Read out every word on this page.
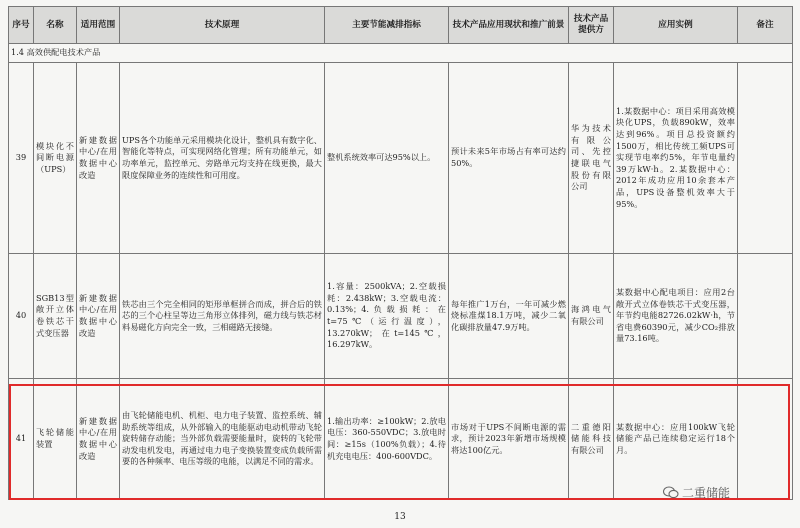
序号	名称	适用范围	技术原理	主要节能减排指标	技术产品应用现状和推广前景	技术产品提供方	应用实例	备注
1.4 高效供配电技术产品								
39	模块化不间断电源（UPS）	新建数据中心/在用数据中心改造	UPS各个功能单元采用模块化设计，整机具有数字化、智能化等特点，可实现网络化管理；所有功能单元，如功率单元，监控单元、旁路单元均支持在线更换，最大限度保障业务的连续性和可用度。	整机系统效率可达95%以上。	预计未来5年市场占有率可达约50%。	华为技术有限公司、先控捷联电气股份有限公司	1.某数据中心：项目采用高效模块化UPS，负载890kW，效率达到96%。项目总投资额约1500万，相比传统工频UPS可实现节电率约5%，年节电量约39万kW·h。2.某数据中心：2012年成功应用10余套本产品，UPS设备整机效率大于95%。	
40	SGB13型敞开立体卷铁芯干式变压器	新建数据中心/在用数据中心改造	铁芯由三个完全相同的矩形单框拼合而成，拼合后的铁芯的三个心柱呈等边三角形立体排列，磁力线与铁芯材料易磁化方向完全一致，三相磁路无接缝。	1.容量：2500kVA；2.空载损耗：2.438kW；3.空载电流：0.13%；4.负载损耗：在t=75℃（运行温度），13.270kW；在t=145℃，16.297kW。	每年推广1万台，一年可减少燃烧标准煤18.1万吨，减少二氧化碳排放量47.9万吨。	海鸿电气有限公司	某数据中心配电项目：应用2台敞开式立体卷铁芯干式变压器，年节约电能82726.02kW·h，节省电费60390元，减少CO₂排放量73.16吨。	
41	飞轮储能装置	新建数据中心/在用数据中心改造	由飞轮储能电机、机柜、电力电子装置、监控系统、辅助系统等组成，从外部输入的电能驱动电动机带动飞轮旋转储存动能；当外部负载需要能量时，旋转的飞轮带动发电机发电，再通过电力电子变换装置变成负载所需要的各种频率、电压等级的电能，以满足不同的需求。	1.输出功率：≥100kW；2.放电电压：360-550VDC；3.放电时间：≥15s（100%负载）；4.待机充电电压：400-600VDC。	市场对于UPS不间断电源的需求，预计2023年新增市场规模将达100亿元。	二重德阳储能科技有限公司	某数据中心：应用100kW飞轮储能产品已连续稳定运行18个月。	
二重储能
13
